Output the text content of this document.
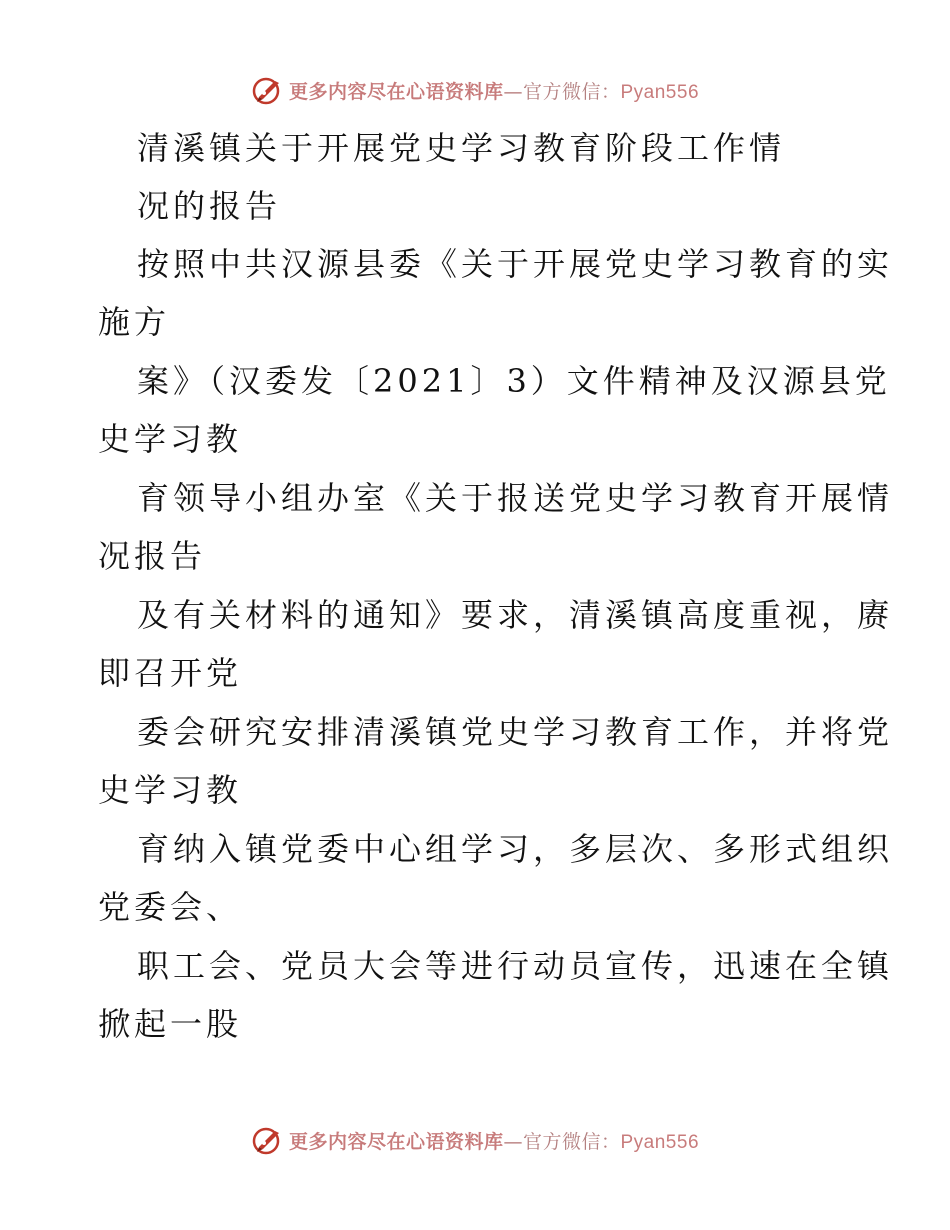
更多内容尽在心语资料库—官方微信：Pyan556
清溪镇关于开展党史学习教育阶段工作情
况的报告
按照中共汉源县委《关于开展党史学习教育的实
施方
案》（汉委发〔2021〕3）文件精神及汉源县党
史学习教
育领导小组办室《关于报送党史学习教育开展情
况报告
及有关材料的通知》要求，清溪镇高度重视，赓
即召开党
委会研究安排清溪镇党史学习教育工作，并将党
史学习教
育纳入镇党委中心组学习，多层次、多形式组织
党委会、
职工会、党员大会等进行动员宣传，迅速在全镇
掀起一股
更多内容尽在心语资料库—官方微信：Pyan556
